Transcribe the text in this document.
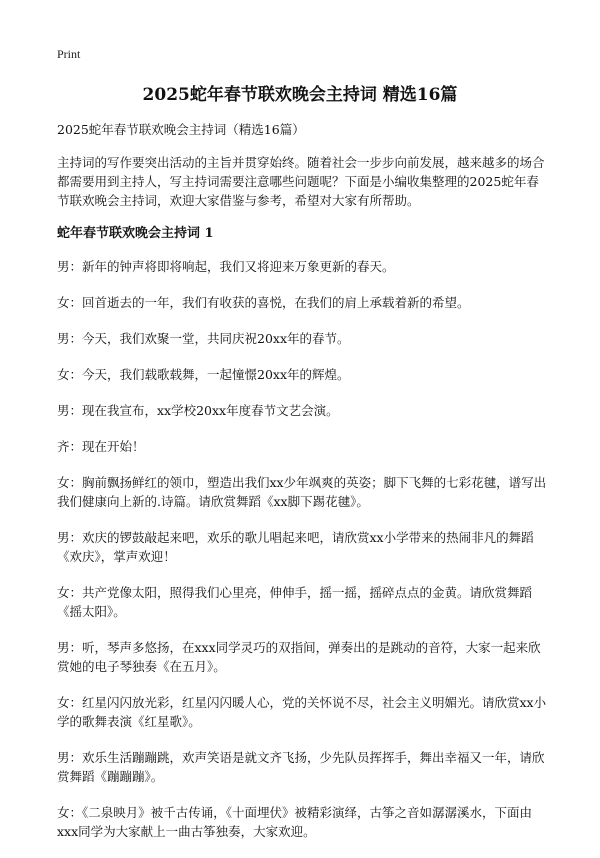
Print
2025蛇年春节联欢晚会主持词 精选16篇

2025蛇年春节联欢晚会主持词（精选16篇）

主持词的写作要突出活动的主旨并贯穿始终。随着社会一步步向前发展，越来越多的场合都需要用到主持人，写主持词需要注意哪些问题呢？下面是小编收集整理的2025蛇年春节联欢晚会主持词，欢迎大家借鉴与参考，希望对大家有所帮助。

蛇年春节联欢晚会主持词 1

男：新年的钟声将即将响起，我们又将迎来万象更新的春天。

女：回首逝去的一年，我们有收获的喜悦，在我们的肩上承载着新的希望。

男：今天，我们欢聚一堂，共同庆祝20xx年的春节。

女：今天，我们载歌载舞，一起憧憬20xx年的辉煌。

男：现在我宣布，xx学校20xx年度春节文艺会演。

齐：现在开始！

女：胸前飘扬鲜红的领巾，塑造出我们xx少年飒爽的英姿；脚下飞舞的七彩花毽，谱写出我们健康向上新的.诗篇。请欣赏舞蹈《xx脚下踢花毽》。

男：欢庆的锣鼓敲起来吧，欢乐的歌儿唱起来吧，请欣赏xx小学带来的热闹非凡的舞蹈《欢庆》，掌声欢迎！

女：共产党像太阳，照得我们心里亮，伸伸手，摇一摇，摇碎点点的金黄。请欣赏舞蹈《摇太阳》。

男：听，琴声多悠扬，在xxx同学灵巧的双指间，弹奏出的是跳动的音符，大家一起来欣赏她的电子琴独奏《在五月》。

女：红星闪闪放光彩，红星闪闪暖人心，党的关怀说不尽，社会主义明媚光。请欣赏xx小学的歌舞表演《红星歌》。

男：欢乐生活蹦蹦跳，欢声笑语是就文齐飞扬，少先队员挥挥手，舞出幸福又一年，请欣赏舞蹈《蹦蹦蹦》。

女：《二泉映月》被千古传诵，《十面埋伏》被精彩演绎，古筝之音如潺潺溪水，下面由xxx同学为大家献上一曲古筝独奏，大家欢迎。
